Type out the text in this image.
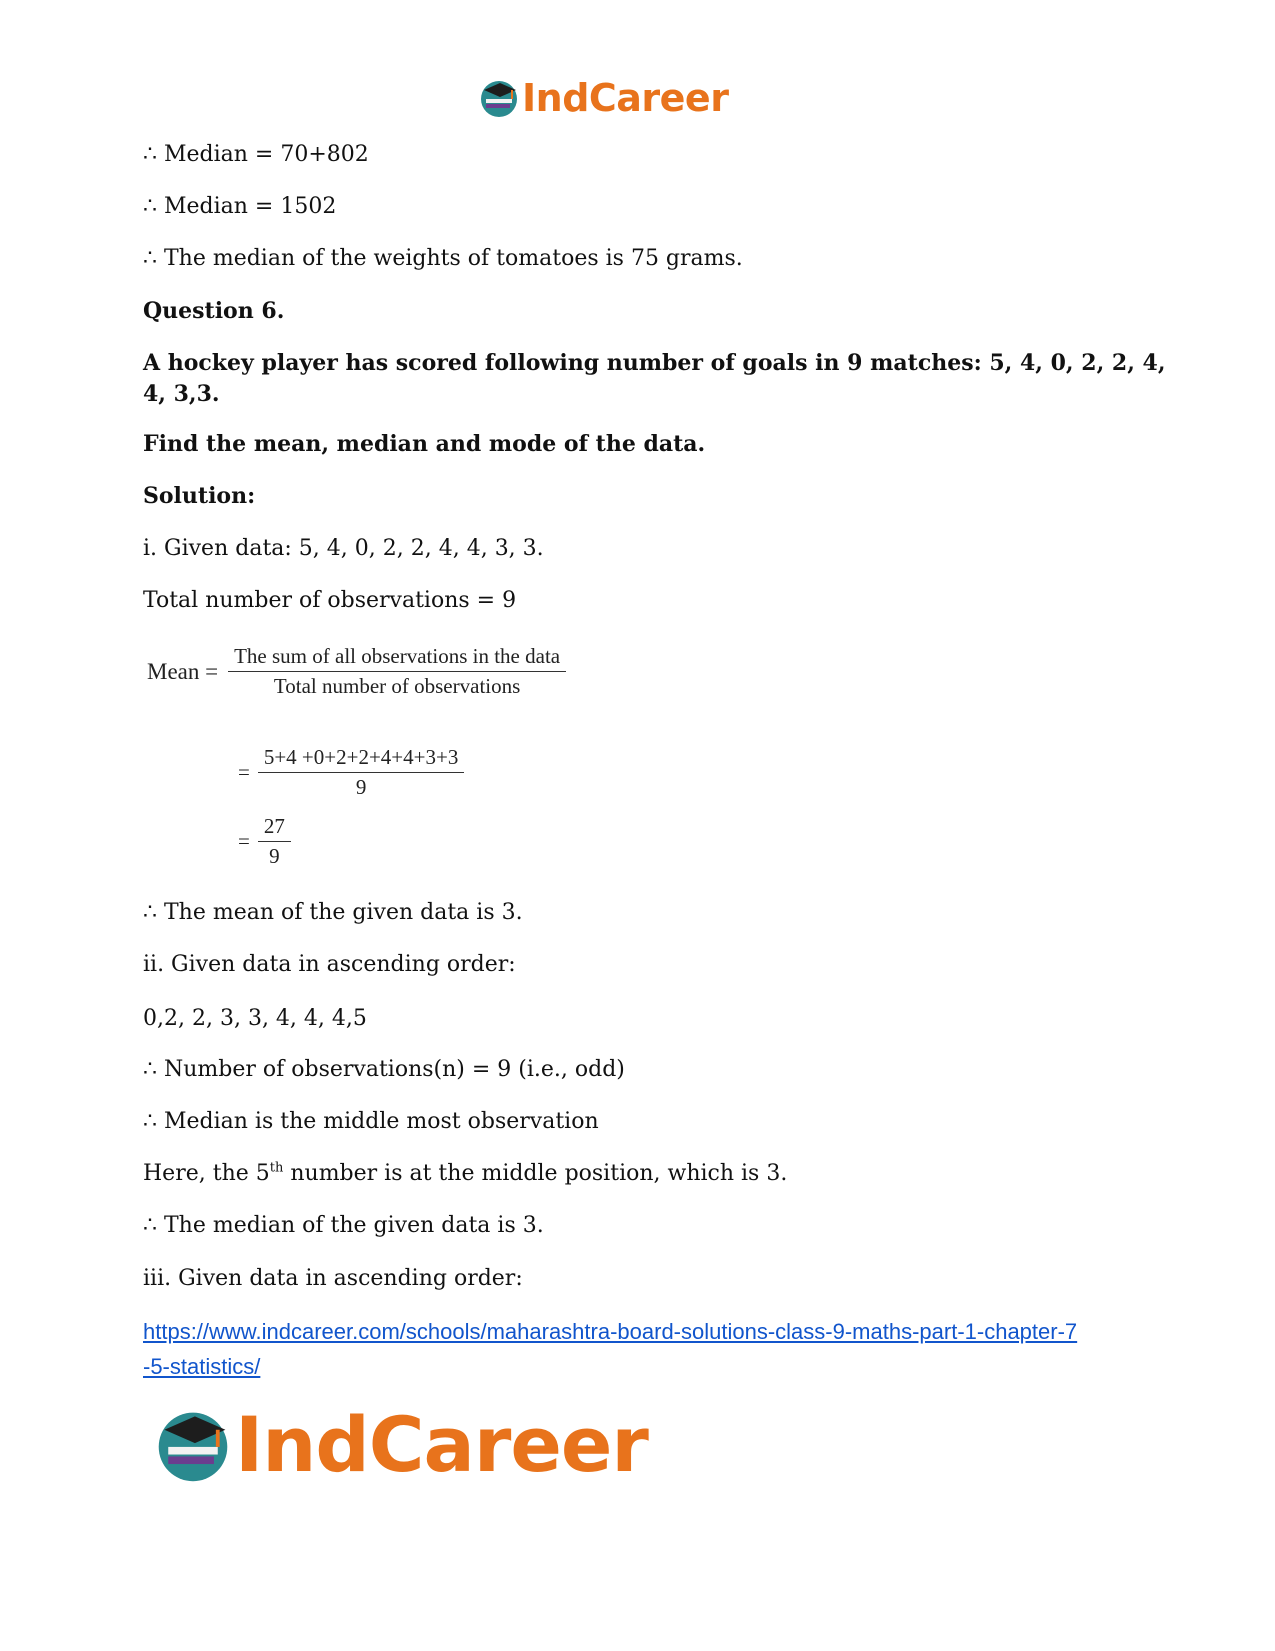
IndCareer
∴ Median = 70+802
∴ Median = 1502
∴ The median of the weights of tomatoes is 75 grams.
Question 6.
A hockey player has scored following number of goals in 9 matches: 5, 4, 0, 2, 2, 4,
4, 3,3.
Find the mean, median and mode of the data.
Solution:
i. Given data: 5, 4, 0, 2, 2, 4, 4, 3, 3.
Total number of observations = 9
Mean = $\frac{\text{The sum of all observations in the data}}{\text{Total number of observations}}$
= $\frac{5+4 +0+2+2+4+4+3+3}{9}$
= $\frac{27}{9}$
∴ The mean of the given data is 3.
ii. Given data in ascending order:
0,2, 2, 3, 3, 4, 4, 4,5
∴ Number of observations(n) = 9 (i.e., odd)
∴ Median is the middle most observation
Here, the 5th number is at the middle position, which is 3.
∴ The median of the given data is 3.
iii. Given data in ascending order:
https://www.indcareer.com/schools/maharashtra-board-solutions-class-9-maths-part-1-chapter-7
-5-statistics/
IndCareer
